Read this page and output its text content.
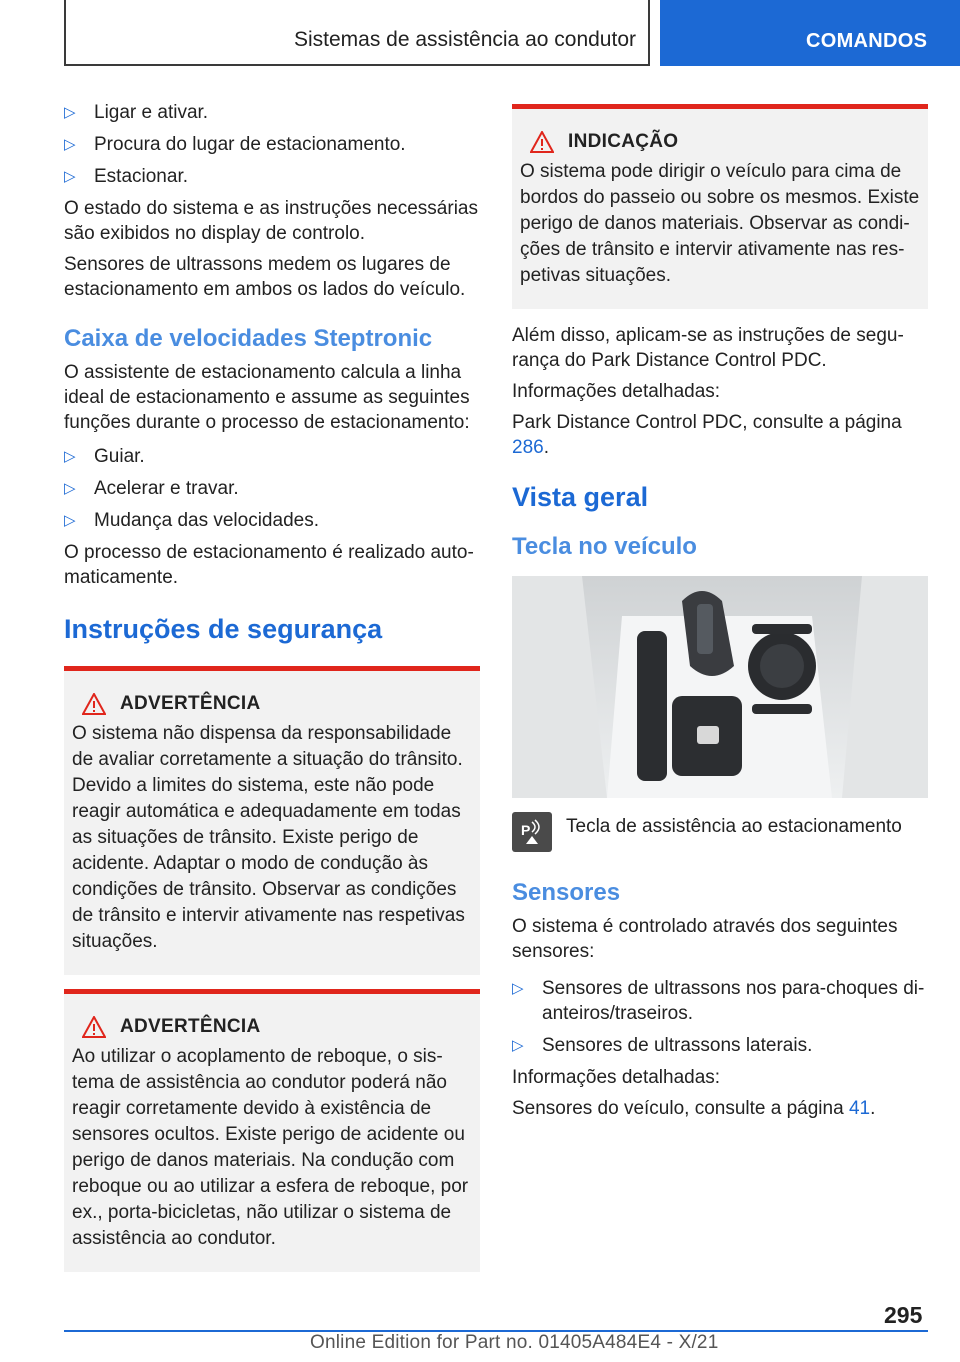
Sistemas de assistência ao condutor	COMANDOS
▷ Ligar e ativar.
▷ Procura do lugar de estacionamento.
▷ Estacionar.

O estado do sistema e as instruções necessárias são exibidos no display de controlo.

Sensores de ultrassons medem os lugares de estacionamento em ambos os lados do veículo.

Caixa de velocidades Steptronic

O assistente de estacionamento calcula a linha ideal de estacionamento e assume as seguintes funções durante o processo de estacionamento:

▷ Guiar.
▷ Acelerar e travar.
▷ Mudança das velocidades.

O processo de estacionamento é realizado automaticamente.

Instruções de segurança
ADVERTÊNCIA
O sistema não dispensa da responsabilidade de avaliar corretamente a situação do trânsito. Devido a limites do sistema, este não pode reagir automática e adequadamente em todas as situações de trânsito. Existe perigo de acidente. Adaptar o modo de condução às condições de trânsito. Observar as condições de trânsito e intervir ativamente nas respetivas situações.
ADVERTÊNCIA
Ao utilizar o acoplamento de reboque, o sistema de assistência ao condutor poderá não reagir corretamente devido à existência de sensores ocultos. Existe perigo de acidente ou perigo de danos materiais. Na condução com reboque ou ao utilizar a esfera de reboque, por ex., porta-bicicletas, não utilizar o sistema de assistência ao condutor.
INDICAÇÃO
O sistema pode dirigir o veículo para cima de bordos do passeio ou sobre os mesmos. Existe perigo de danos materiais. Observar as condições de trânsito e intervir ativamente nas respetivas situações.

Além disso, aplicam-se as instruções de segurança do Park Distance Control PDC.

Informações detalhadas:

Park Distance Control PDC, consulte a página 286.

Vista geral
Tecla no veículo
P Tecla de assistência ao estacionamento
Sensores

O sistema é controlado através dos seguintes sensores:

▷ Sensores de ultrassons nos para-choques dianteiros/traseiros.
▷ Sensores de ultrassons laterais.

Informações detalhadas:

Sensores do veículo, consulte a página 41.

295
Online Edition for Part no. 01405A484E4 - X/21
